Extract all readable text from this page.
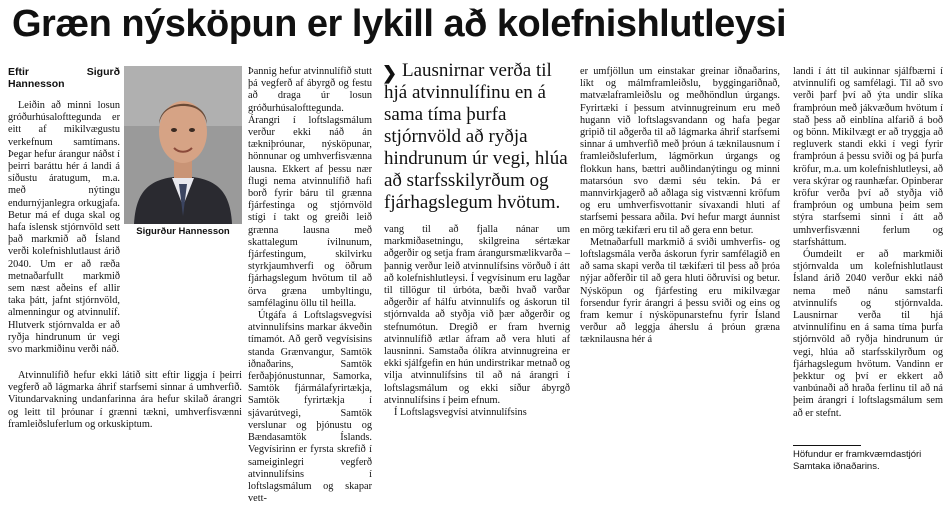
Græn nýsköpun er lykill að kolefnishlutleysi
Eftir Sigurð Hannesson

Leiðin að minni losun gróðurhúsalofttegunda er eitt af mikilvægustu verkefnum samtímans. Þegar hefur árangur náðst í þeirri baráttu hér á landi á síðustu áratugum, m.a. með nýtingu endurnýjanlegra orkugjafa. Betur má ef duga skal og hafa íslensk stjórnvöld sett það markmið að Ísland verði kolefnishlutlaust árið 2040. Um er að ræða metnaðarfullt markmið sem næst aðeins ef allir taka þátt, jafnt stjórnvöld, almenningur og atvinnulíf. Hlutverk stjórnvalda er að ryðja hindrunum úr vegi svo markmiðinu verði náð.

Atvinnulífið hefur ekki látið sitt eftir liggja í þeirri vegferð að lágmarka áhrif starfsemi sinnar á umhverfið. Vitundarvakning undanfarinna ára hefur skilað árangri og leitt til þróunar í grænni tækni, umhverfisvænni framleiðsluferlum og orkuskiptum.

Sigurður Hannesson

Þannig hefur atvinnulífið stutt þá vegferð af ábyrgð og festu að draga úr losun gróðurhúsalofttegunda. Árangri í loftslagsmálum verður ekki náð án tækniþróunar, nýsköpunar, hönnunar og umhverfisvænna lausna. Ekkert af þessu nær flugi nema atvinnulífið hafi borð fyrir báru til grænna fjárfestinga og stjórnvöld stígi í takt og greiði leið grænna lausna með skattalegum ívilnunum, fjárfestingum, skilvirku styrkjaumhverfi og öðrum fjárhagslegum hvötum til að örva græna umbyltingu, samfélaginu öllu til heilla.

Útgáfa á Loftslagsvegvísi atvinnulífsins markar ákveðin tímamót. Að gerð vegvísisins standa Grænvangur, Samtök iðnaðarins, Samtök ferðaþjónustunnar, Samorka, Samtök fjármálafyrirtækja, Samtök fyrirtækja í sjávarútvegi, Samtök verslunar og þjónustu og Bændasamtök Íslands. Vegvísirinn er fyrsta skrefið í sameiginlegri vegferð atvinnulífsins í loftslagsmálum og skapar vett-

❯ Lausnirnar verða til hjá atvinnulífinu en á sama tíma þurfa stjórnvöld að ryðja hindrunum úr vegi, hlúa að starfsskilyrðum og fjárhagslegum hvötum.

vang til að fjalla nánar um markmiðasetningu, skilgreina sértækar aðgerðir og setja fram árangursmælikvarða – þannig verður leið atvinnulífsins vörðuð í átt að kolefnishlutleysi. Í vegvísinum eru lagðar til tillögur til úrbóta, bæði hvað varðar aðgerðir af hálfu atvinnulífs og áskorun til stjórnvalda að styðja við þær aðgerðir og stefnumótun. Dregið er fram hvernig atvinnulífið ætlar áfram að vera hluti af lausninni. Samstaða ólíkra atvinnugreina er ekki sjálfgefin en hún undirstrikar metnað og vilja atvinnulífsins til að ná árangri í loftslagsmálum og ekki síður ábyrgð atvinnulífsins í þeim efnum.

Í Loftslagsvegvísi atvinnulífsins

er umfjöllun um einstakar greinar iðnaðarins, líkt og málmframleiðslu, byggingariðnað, matvælaframleiðslu og meðhöndlun úrgangs. Fyrirtæki í þessum atvinnugreinum eru með hugann við loftslagsvandann og hafa þegar gripið til aðgerða til að lágmarka áhrif starfsemi sinnar á umhverfið með þróun á tæknilausnum í framleiðsluferlum, lágmörkun úrgangs og flokkun hans, bættri auðlindanýtingu og minni matarsóun svo dæmi séu tekin. Þá er mannvirkjagerð að aðlaga sig vistvænni kröfum og eru umhverfisvottanir sívaxandi hluti af starfsemi þessara aðila. Því hefur margt áunnist en mörg tækifæri eru til að gera enn betur.

Metnaðarfull markmið á sviði umhverfis- og loftslagsmála verða áskorun fyrir samfélagið en að sama skapi verða til tækifæri til þess að þróa nýjar aðferðir til að gera hluti öðruvísi og betur. Nýsköpun og fjárfesting eru mikilvægar forsendur fyrir árangri á þessu sviði og eins og fram kemur í nýsköpunarstefnu fyrir Ísland verður að leggja áherslu á þróun græna tæknilausna hér á

landi í átt til aukinnar sjálfbærni í atvinnulífi og samfélagi. Til að svo verði þarf því að ýta undir slíka framþróun með jákvæðum hvötum í stað þess að einblína alfarið á boð og bönn. Mikilvægt er að tryggja að regluverk standi ekki í vegi fyrir framþróun á þessu sviði og þá þurfa kröfur, m.a. um kolefnishlutleysi, að vera skýrar og raunhæfar. Opinberar kröfur verða því að styðja við framþróun og umbuna þeim sem stýra starfsemi sinni í átt að umhverfisvænni ferlum og starfsháttum.

Óumdeilt er að markmiði stjórnvalda um kolefnishlutlaust Ísland árið 2040 verður ekki náð nema með nánu samstarfi atvinnulífs og stjórnvalda. Lausnirnar verða til hjá atvinnulífinu en á sama tíma þurfa stjórnvöld að ryðja hindrunum úr vegi, hlúa að starfsskilyrðum og fjárhagslegum hvötum. Vandinn er þekktur og því er ekkert að vanbúnaði að hraða ferlinu til að ná þeim árangri í loftslagsmálum sem að er stefnt.

Höfundur er framkvæmdastjóri Samtaka iðnaðarins.
